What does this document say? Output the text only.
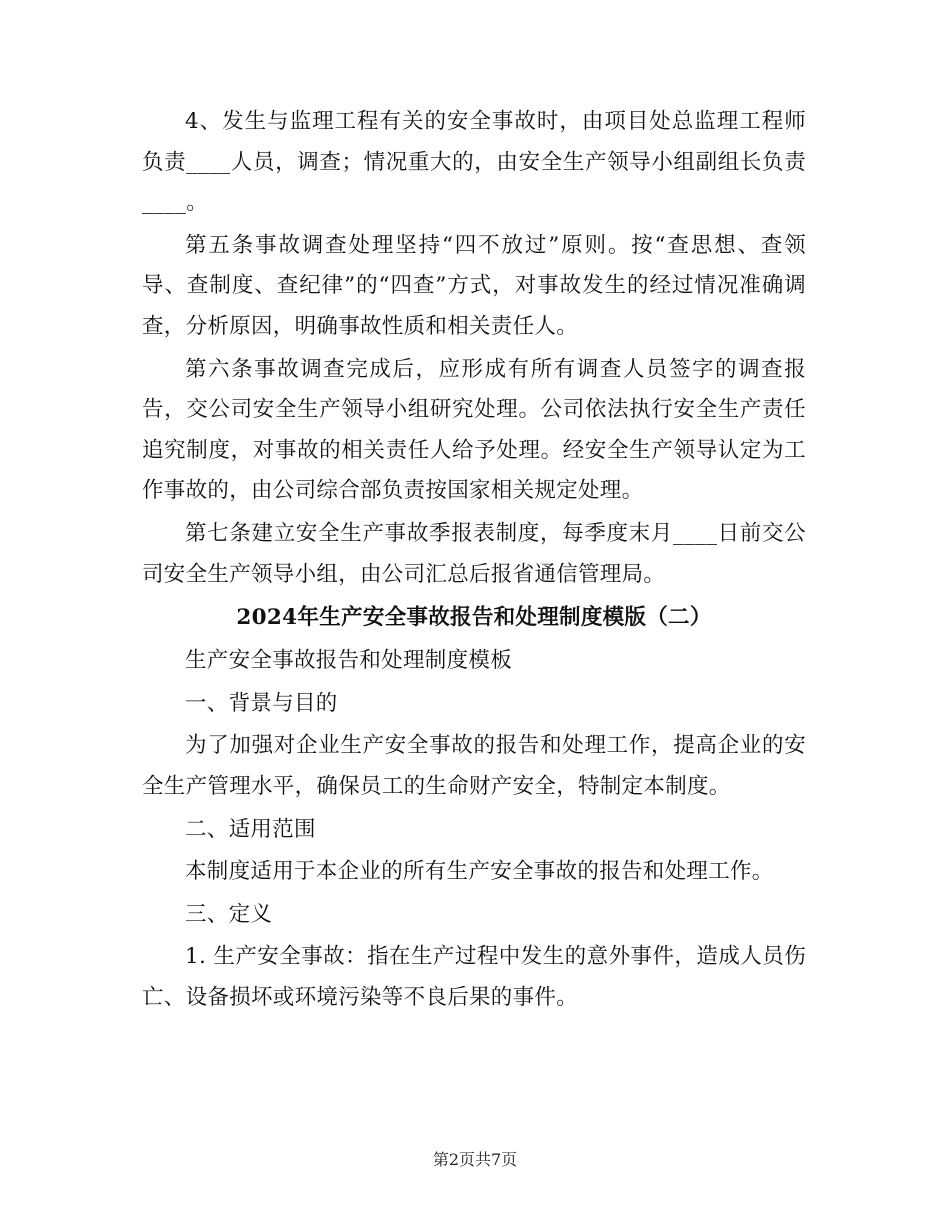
4、发生与监理工程有关的安全事故时，由项目处总监理工程师负责____人员，调查；情况重大的，由安全生产领导小组副组长负责____。

第五条事故调查处理坚持“四不放过”原则。按“查思想、查领导、查制度、查纪律”的“四查”方式，对事故发生的经过情况准确调查，分析原因，明确事故性质和相关责任人。

第六条事故调查完成后，应形成有所有调查人员签字的调查报告，交公司安全生产领导小组研究处理。公司依法执行安全生产责任追究制度，对事故的相关责任人给予处理。经安全生产领导认定为工作事故的，由公司综合部负责按国家相关规定处理。

第七条建立安全生产事故季报表制度，每季度末月____日前交公司安全生产领导小组，由公司汇总后报省通信管理局。

2024年生产安全事故报告和处理制度模版（二）

生产安全事故报告和处理制度模板

一、背景与目的

为了加强对企业生产安全事故的报告和处理工作，提高企业的安全生产管理水平，确保员工的生命财产安全，特制定本制度。

二、适用范围

本制度适用于本企业的所有生产安全事故的报告和处理工作。

三、定义

1. 生产安全事故：指在生产过程中发生的意外事件，造成人员伤亡、设备损坏或环境污染等不良后果的事件。

第2页共7页
